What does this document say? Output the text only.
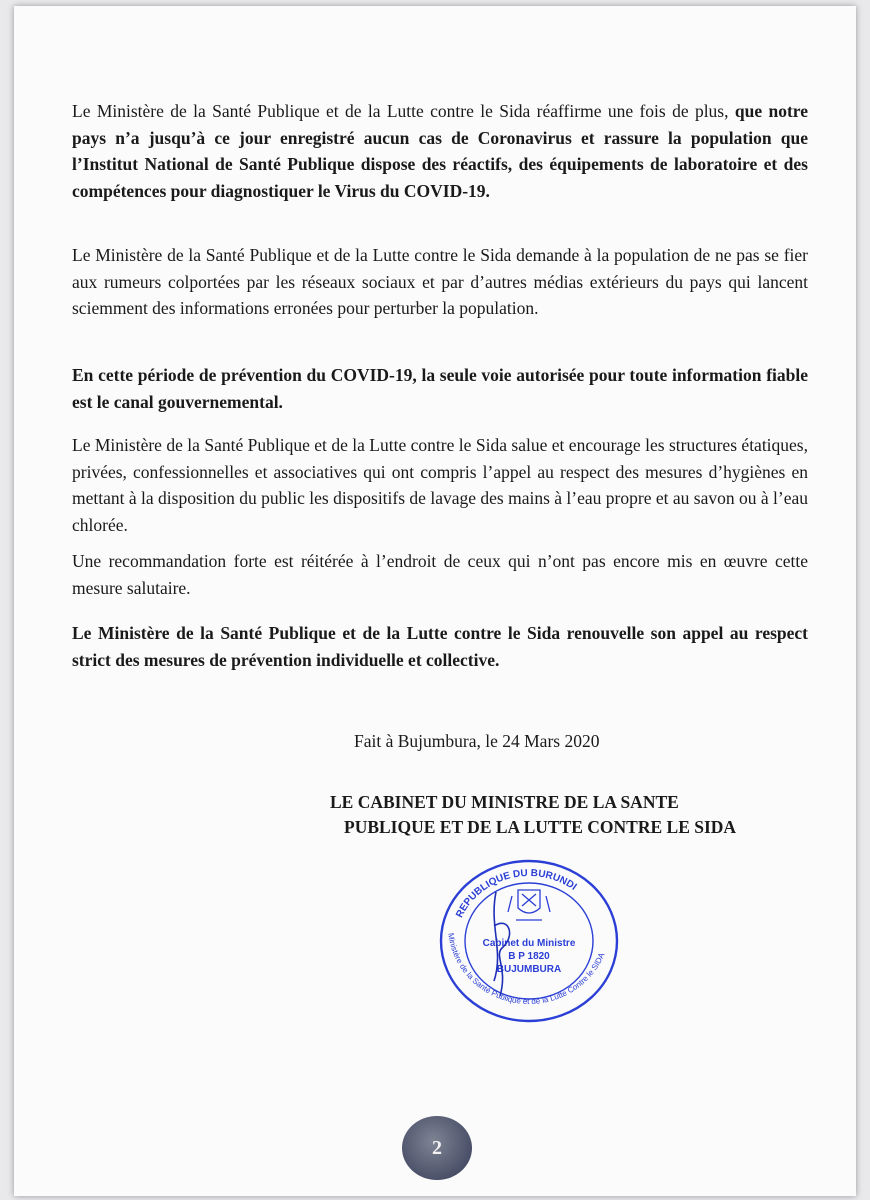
Le Ministère de la Santé Publique et de la Lutte contre le Sida réaffirme une fois de plus, que notre pays n’a jusqu’à ce jour enregistré aucun cas de Coronavirus et rassure la population que l’Institut National de Santé Publique dispose des réactifs, des équipements de laboratoire et des compétences pour diagnostiquer le Virus du COVID-19.

Le Ministère de la Santé Publique et de la Lutte contre le Sida demande à la population de ne pas se fier aux rumeurs colportées par les réseaux sociaux et par d’autres médias extérieurs du pays qui lancent sciemment des informations erronées pour perturber la population.

En cette période de prévention du COVID-19, la seule voie autorisée pour toute information fiable est le canal gouvernemental.

Le Ministère de la Santé Publique et de la Lutte contre le Sida salue et encourage les structures étatiques, privées, confessionnelles et associatives qui ont compris l’appel au respect des mesures d’hygiènes en mettant à la disposition du public les dispositifs de lavage des mains à l’eau propre et au savon ou à l’eau chlorée.

Une recommandation forte est réitérée à l’endroit de ceux qui n’ont pas encore mis en œuvre cette mesure salutaire.

Le Ministère de la Santé Publique et de la Lutte contre le Sida renouvelle son appel au respect strict des mesures de prévention individuelle et collective.

Fait à Bujumbura, le 24 Mars 2020
LE CABINET DU MINISTRE DE LA SANTE
PUBLIQUE ET DE LA LUTTE CONTRE LE SIDA
REPUBLIQUE DU BURUNDI
Ministère de la Santé Publique et de la Lutte Contre le SIDA
Cabinet du Ministre
B P 1820
BUJUMBURA
2
